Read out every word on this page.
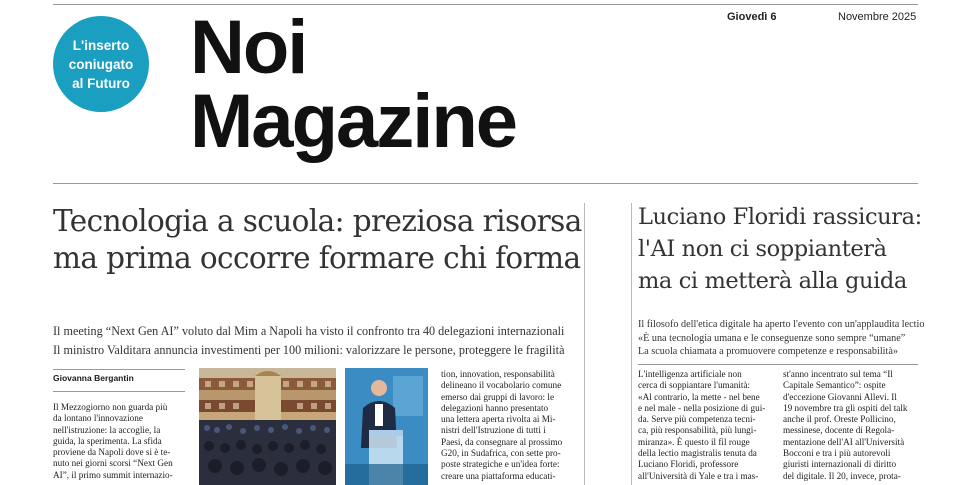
L'inserto
coniugato
al Futuro Noi
Magazine
Giovedì 6	Novembre 2025
Tecnologia a scuola: preziosa risorsa
ma prima occorre formare chi forma
Il meeting “Next Gen AI” voluto dal Mim a Napoli ha visto il confronto tra 40 delegazioni internazionali
Il ministro Valditara annuncia investimenti per 100 milioni: valorizzare le persone, proteggere le fragilità
Giovanna Bergantin
Il Mezzogiorno non guarda più
da lontano l'innovazione
nell'istruzione: la accoglie, la
guida, la sperimenta. La sfida
proviene da Napoli dove si è te-
nuto nei giorni scorsi “Next Gen
AI”, il primo summit internazio-
tion, innovation, responsabilità
delineano il vocabolario comune
emerso dai gruppi di lavoro: le
delegazioni hanno presentato
una lettera aperta rivolta ai Mi-
nistri dell'Istruzione di tutti i
Paesi, da consegnare al prossimo
G20, in Sudafrica, con sette pro-
poste strategiche e un'idea forte:
creare una piattaforma educati-
Luciano Floridi rassicura:
l'AI non ci soppianterà
ma ci metterà alla guida
Il filosofo dell'etica digitale ha aperto l'evento con un'applaudita lectio
«È una tecnologia umana e le conseguenze sono sempre “umane”
La scuola chiamata a promuovere competenze e responsabilità»
L'intelligenza artificiale non
cerca di soppiantare l'umanità:
«Al contrario, la mette - nel bene
e nel male - nella posizione di gui-
da. Serve più competenza tecni-
ca, più responsabilità, più lungi-
miranza». È questo il fil rouge
della lectio magistralis tenuta da
Luciano Floridi, professore
all'Università di Yale e tra i mas-
st'anno incentrato sul tema “Il
Capitale Semantico”: ospite
d'eccezione Giovanni Allevi. Il
19 novembre tra gli ospiti del talk
anche il prof. Oreste Pollicino,
messinese, docente di Regola-
mentazione dell'AI all'Università
Bocconi e tra i più autorevoli
giuristi internazionali di diritto
del digitale. Il 20, invece, prota-
